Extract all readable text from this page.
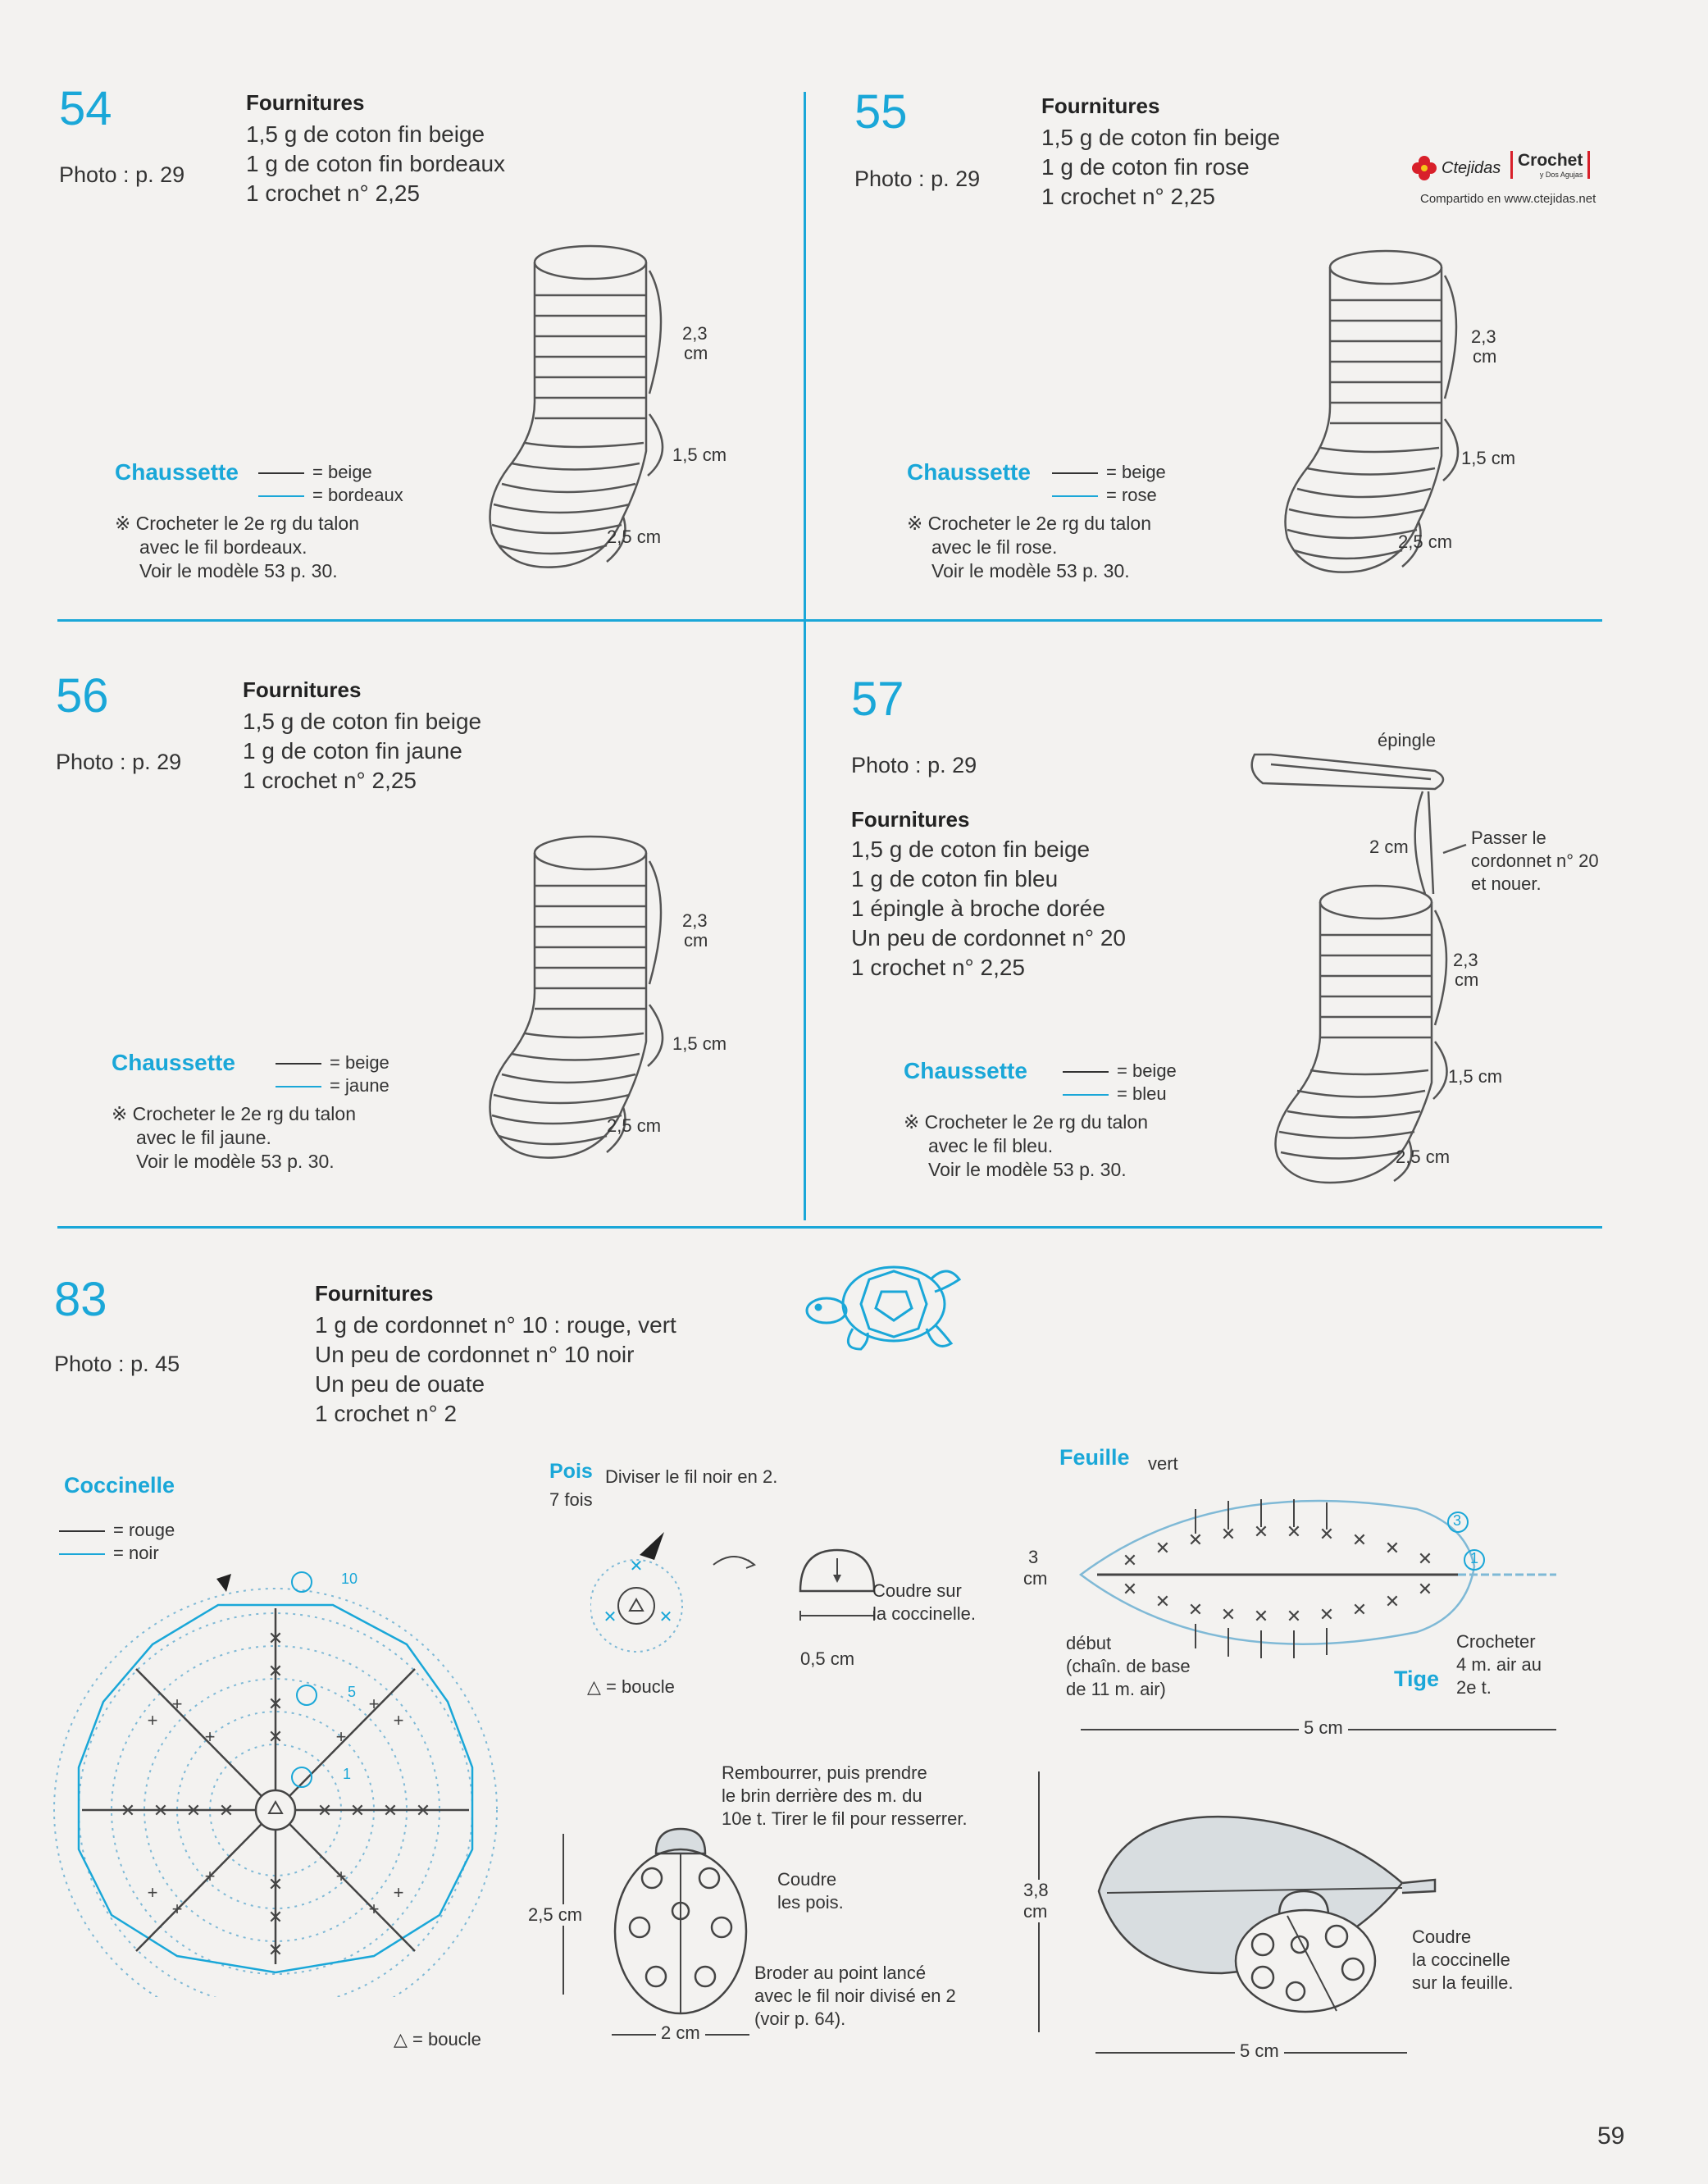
Ctejidas Crochet
y Dos Agujas
Compartido en www.ctejidas.net
54
Photo : p. 29
Fournitures
1,5 g de coton fin beige
1 g de coton fin bordeaux
1 crochet n° 2,25
Chaussette	= beige
= bordeaux
※ Crocheter le 2e rg du talon
avec le fil bordeaux.
Voir le modèle 53 p. 30.
2,3
cm
1,5 cm
2,5 cm
55
Photo : p. 29
Fournitures
1,5 g de coton fin beige
1 g de coton fin rose
1 crochet n° 2,25
Chaussette	= beige
= rose
※ Crocheter le 2e rg du talon
avec le fil rose.
Voir le modèle 53 p. 30.
2,3
cm
1,5 cm
2,5 cm
56
Photo : p. 29
Fournitures
1,5 g de coton fin beige
1 g de coton fin jaune
1 crochet n° 2,25
Chaussette	= beige
= jaune
※ Crocheter le 2e rg du talon
avec le fil jaune.
Voir le modèle 53 p. 30.
2,3
cm
1,5 cm
2,5 cm
57
Photo : p. 29
Fournitures
1,5 g de coton fin beige
1 g de coton fin bleu
1 épingle à broche dorée
Un peu de cordonnet n° 20
1 crochet n° 2,25
Chaussette	= beige
= bleu
※ Crocheter le 2e rg du talon
avec le fil bleu.
Voir le modèle 53 p. 30.
épingle
2 cm	Passer le
cordonnet n° 20
et nouer.
2,3
cm
1,5 cm
2,5 cm
83
Photo : p. 45
Fournitures
1 g de cordonnet n° 10 : rouge, vert
Un peu de cordonnet n° 10 noir
Un peu de ouate
1 crochet n° 2
Coccinelle
= rouge
= noir
✕
✕
✕
✕
✕
✕
✕
✕ ✕ ✕ ✕	✕ ✕ ✕ ✕
+
+
+
+
+
+
+
+
+
+
+
+
10
5
1
△ = boucle
Pois Diviser le fil noir en 2.
7 fois
✕
✕	✕
Coudre sur
la coccinelle.
0,5 cm
△ = boucle
Feuille vert
✕
✕ ✕ ✕ ✕ ✕ ✕ ✕ ✕
✕
✕
✕ ✕ ✕ ✕ ✕ ✕ ✕ ✕
✕
3
1
3
cm
début
(chaîn. de base
de 11 m. air)	Tige
Crocheter
4 m. air au
2e t.
5 cm
Rembourrer, puis prendre
le brin derrière des m. du
10e t. Tirer le fil pour resserrer.
2,5 cm
Coudre
les pois.
Broder au point lancé
avec le fil noir divisé en 2
(voir p. 64).
2 cm
3,8
cm
Coudre
la coccinelle
sur la feuille.
5 cm
59
